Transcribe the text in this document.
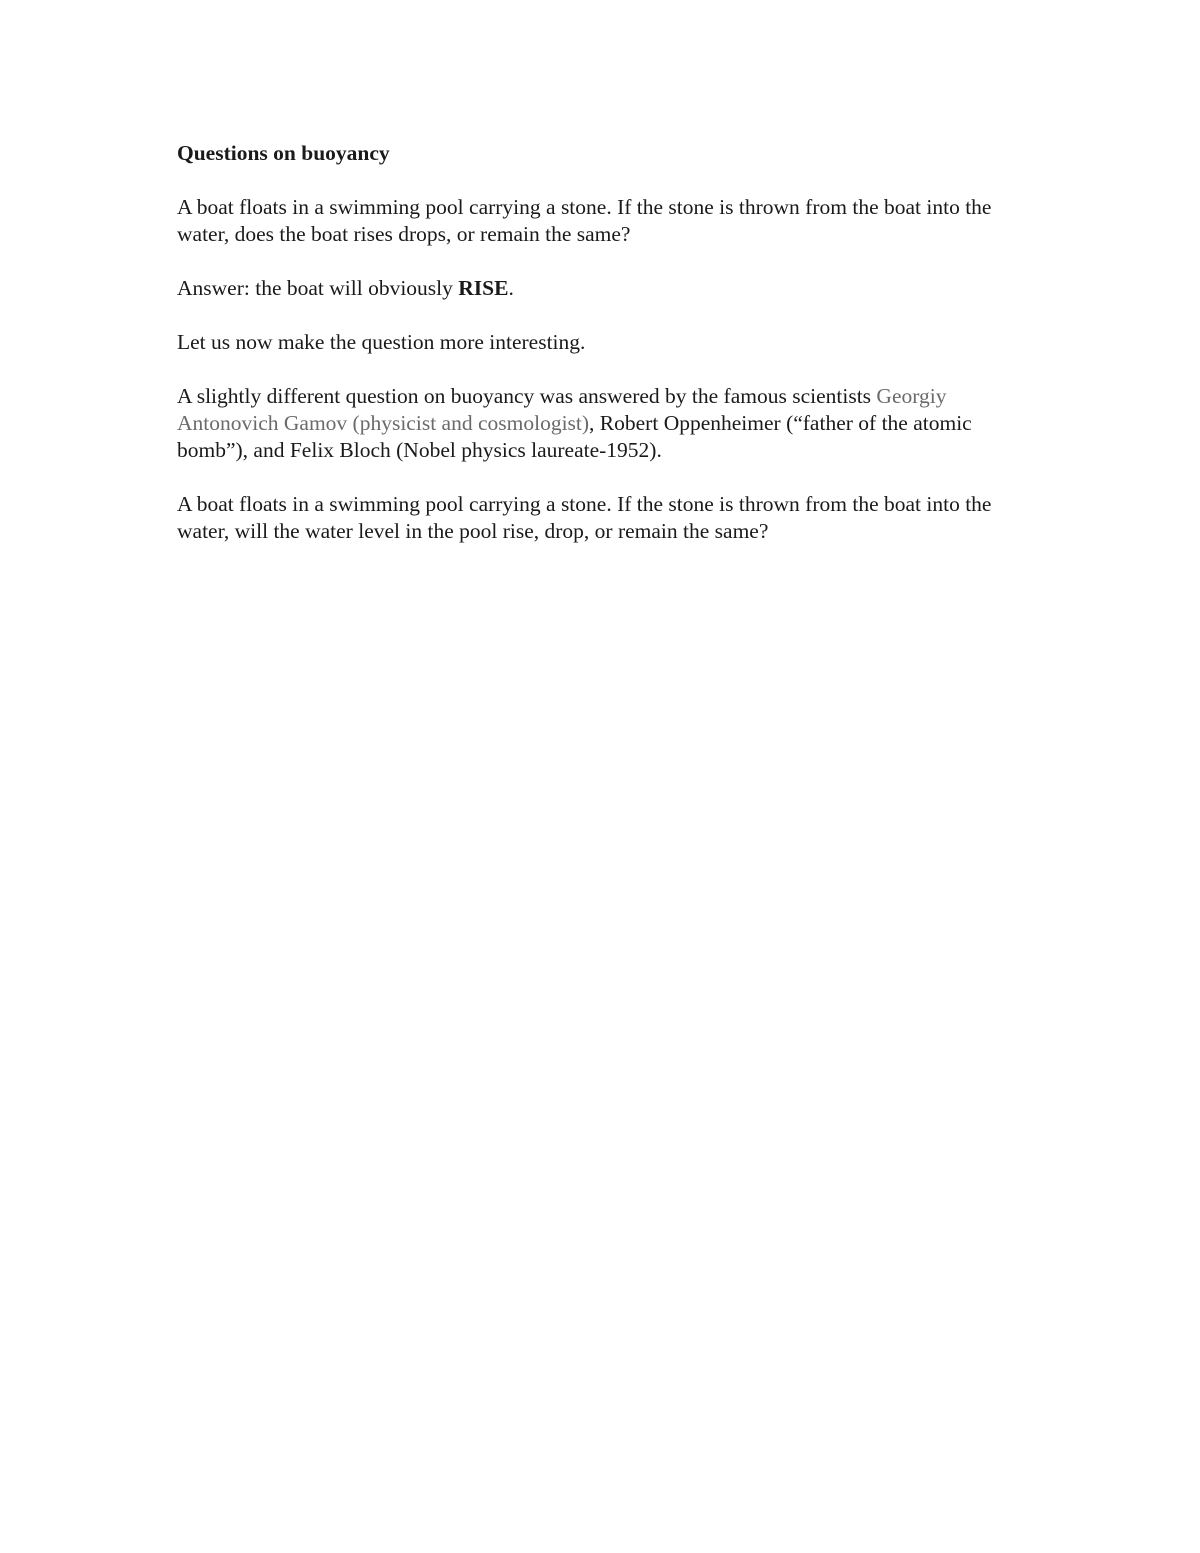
Questions on buoyancy

A boat floats in a swimming pool carrying a stone. If the stone is thrown from the boat into the water, does the boat rises drops, or remain the same?

Answer: the boat will obviously RISE.

Let us now make the question more interesting.

A slightly different question on buoyancy was answered by the famous scientists Georgiy Antonovich Gamov (physicist and cosmologist), Robert Oppenheimer (“father of the atomic bomb”), and Felix Bloch (Nobel physics laureate-1952).

A boat floats in a swimming pool carrying a stone. If the stone is thrown from the boat into the water, will the water level in the pool rise, drop, or remain the same?
